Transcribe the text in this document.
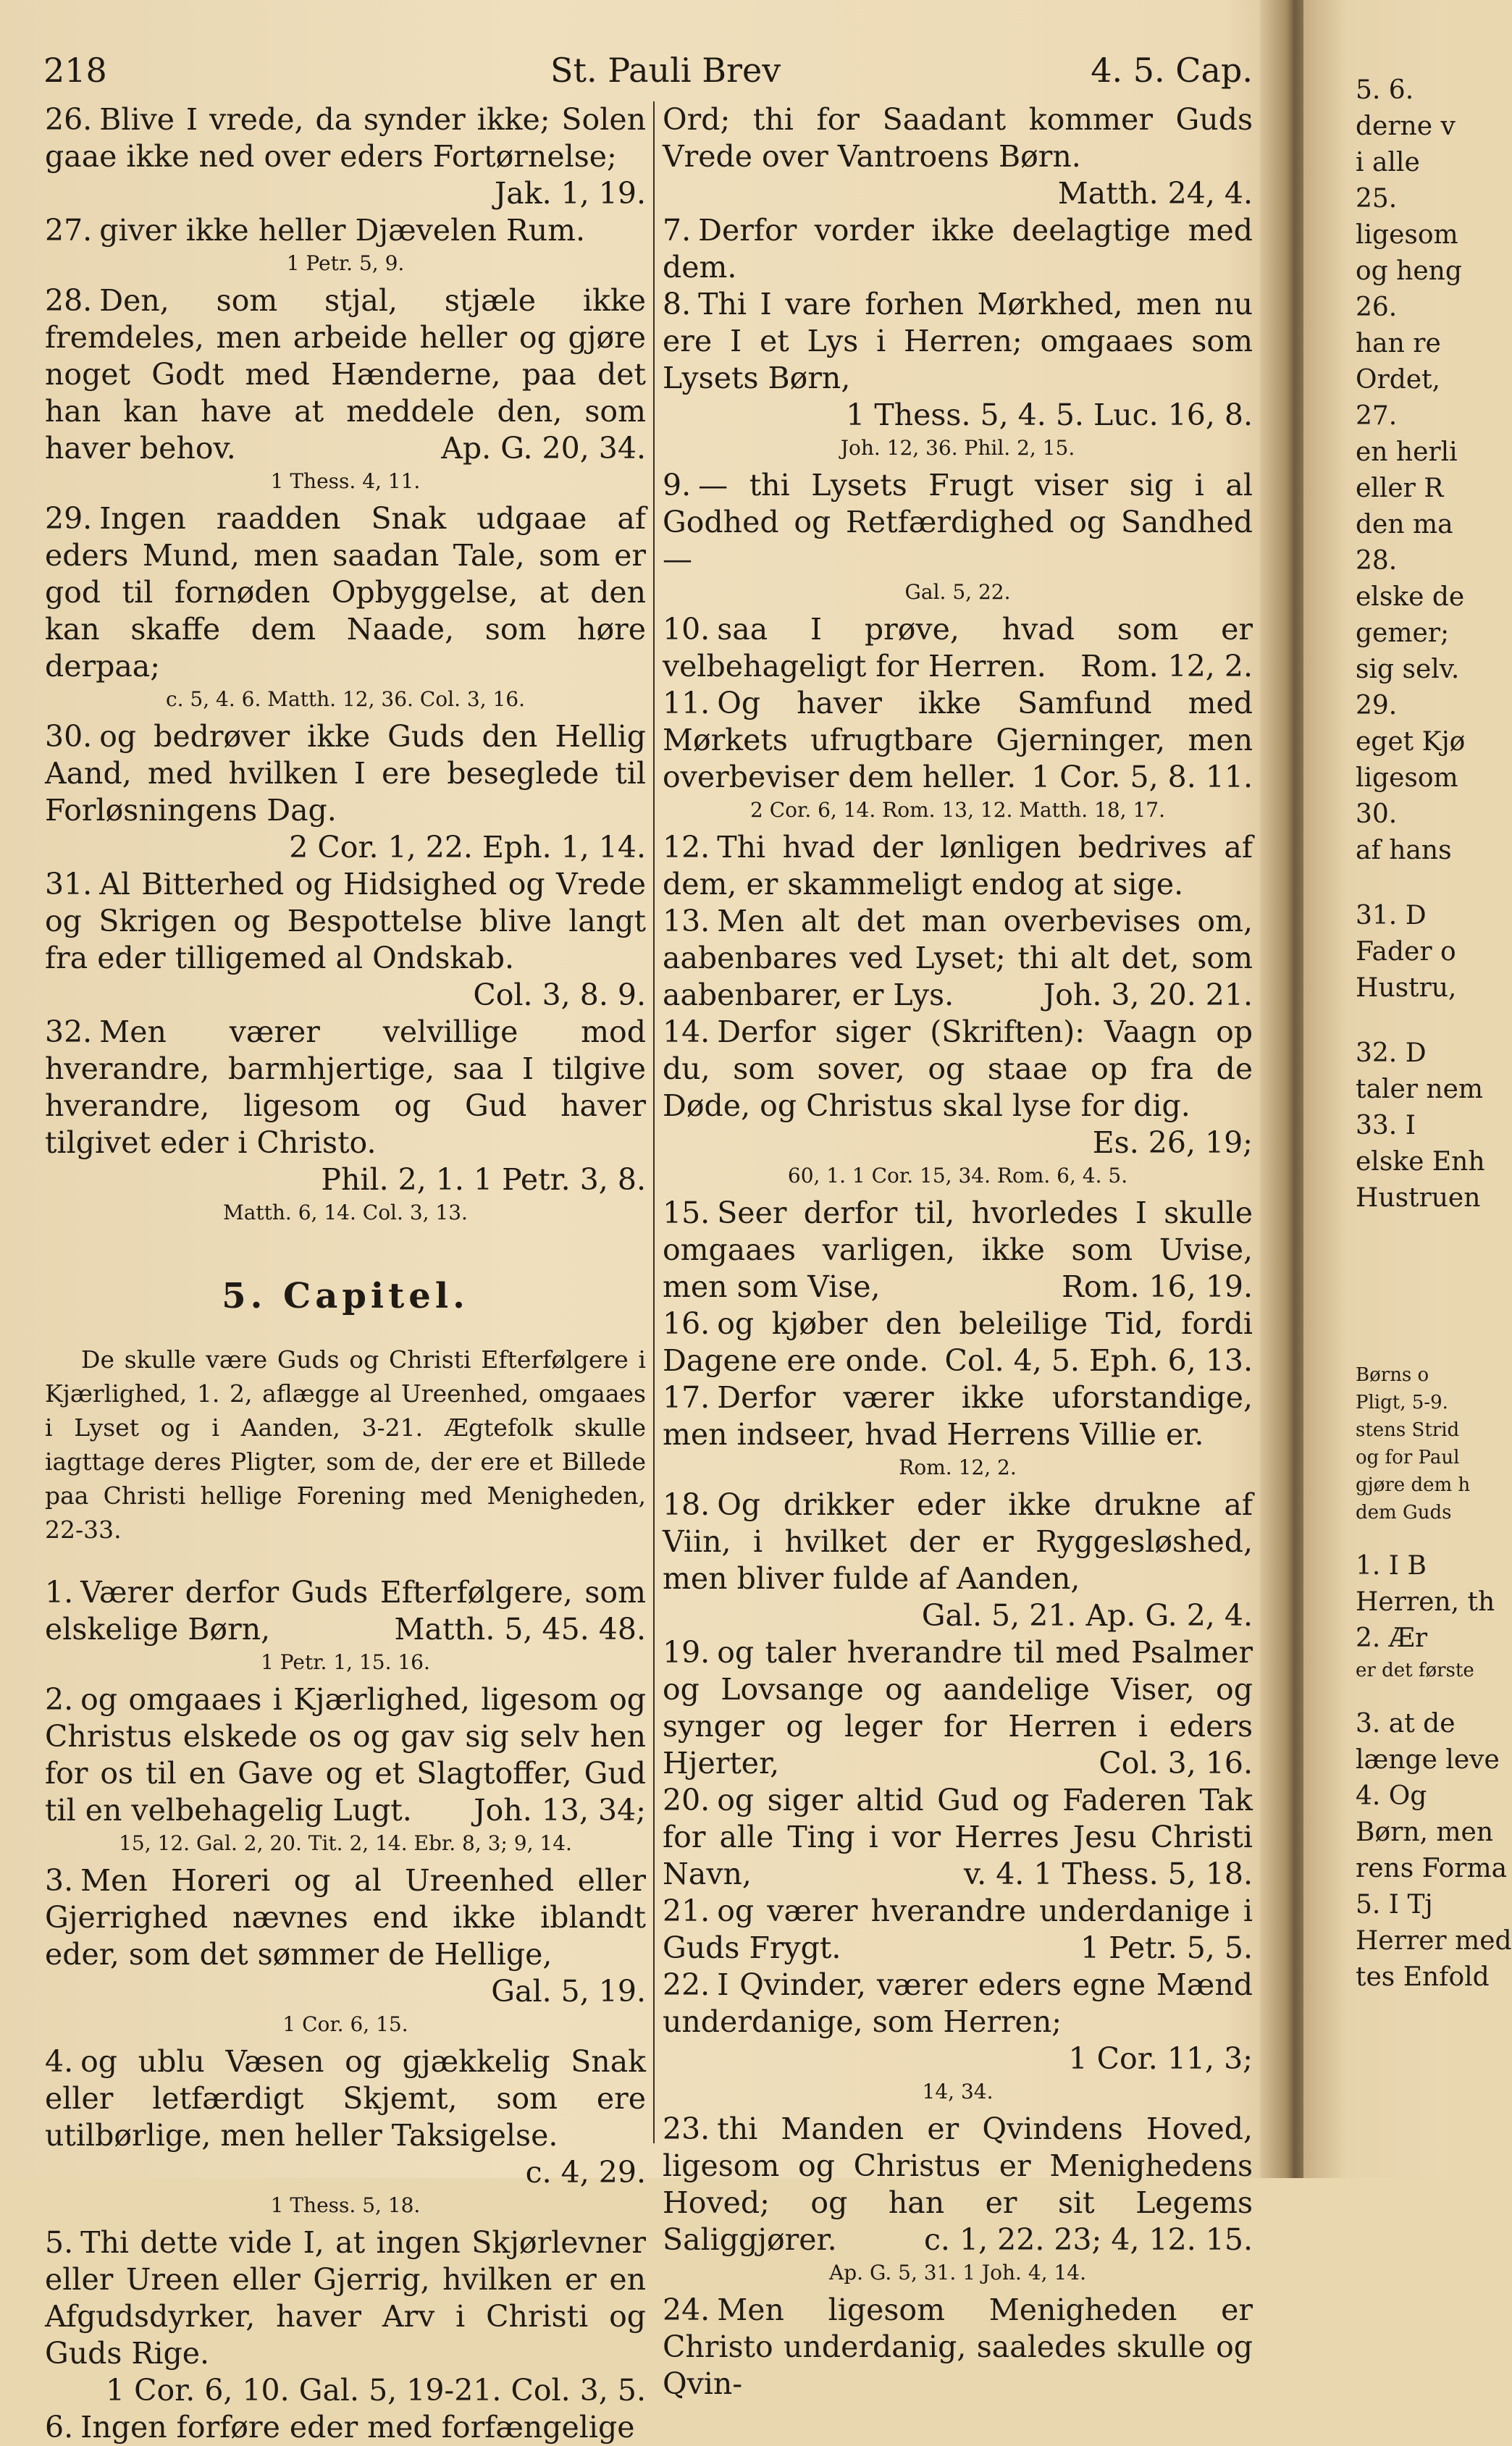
218	St. Pauli Brev	4. 5. Cap.

26. Blive I vrede, da synder ikke; Solen gaae ikke ned over eders Fortørnelse;
Jak. 1, 19.

27. giver ikke heller Djævelen Rum.

1 Petr. 5, 9.

28. Den, som stjal, stjæle ikke fremdeles, men arbeide heller og gjøre noget Godt med Hænderne, paa det han kan have at meddele den, som haver behov.	Ap. G. 20, 34.

1 Thess. 4, 11.

29. Ingen raadden Snak udgaae af eders Mund, men saadan Tale, som er god til fornøden Opbyggelse, at den kan skaffe dem Naade, som høre derpaa;

c. 5, 4. 6. Matth. 12, 36. Col. 3, 16.

30. og bedrøver ikke Guds den Hellig Aand, med hvilken I ere beseglede til Forløsningens Dag.
2 Cor. 1, 22. Eph. 1, 14.

31. Al Bitterhed og Hidsighed og Vrede og Skrigen og Bespottelse blive langt fra eder tilligemed al Ondskab.
Col. 3, 8. 9.

32. Men værer velvillige mod hverandre, barmhjertige, saa I tilgive hverandre, ligesom og Gud haver tilgivet eder i Christo.
Phil. 2, 1. 1 Petr. 3, 8.

Matth. 6, 14. Col. 3, 13.

5. Capitel.

De skulle være Guds og Christi Efterfølgere i Kjærlighed, 1. 2, aflægge al Ureenhed, omgaaes i Lyset og i Aanden, 3-21. Ægtefolk skulle iagttage deres Pligter, som de, der ere et Billede paa Christi hellige Forening med Menigheden, 22-33.

1. Værer derfor Guds Efterfølgere, som elskelige Børn,	Matth. 5, 45. 48.

1 Petr. 1, 15. 16.

2. og omgaaes i Kjærlighed, ligesom og Christus elskede os og gav sig selv hen for os til en Gave og et Slagtoffer, Gud til en velbehagelig Lugt. Joh. 13, 34;

15, 12. Gal. 2, 20. Tit. 2, 14. Ebr. 8, 3; 9, 14.

3. Men Horeri og al Ureenhed eller Gjerrighed nævnes end ikke iblandt eder, som det sømmer de Hellige,
Gal. 5, 19.

1 Cor. 6, 15.

4. og ublu Væsen og gjækkelig Snak eller letfærdigt Skjemt, som ere utilbørlige, men heller Taksigelse.
c. 4, 29.

1 Thess. 5, 18.

5. Thi dette vide I, at ingen Skjørlevner eller Ureen eller Gjerrig, hvilken er en Afgudsdyrker, haver Arv i Christi og Guds Rige.
1 Cor. 6, 10. Gal. 5, 19-21. Col. 3, 5.

6. Ingen forføre eder med forfængelige

Ord; thi for Saadant kommer Guds Vrede over Vantroens Børn.
Matth. 24, 4.

7. Derfor vorder ikke deelagtige med dem.

8. Thi I vare forhen Mørkhed, men nu ere I et Lys i Herren; omgaaes som Lysets Børn,
1 Thess. 5, 4. 5. Luc. 16, 8.

Joh. 12, 36. Phil. 2, 15.

9. — thi Lysets Frugt viser sig i al Godhed og Retfærdighed og Sandhed—

Gal. 5, 22.

10. saa I prøve, hvad som er velbehageligt for Herren. Rom. 12, 2.

11. Og haver ikke Samfund med Mørkets ufrugtbare Gjerninger, men overbeviser dem heller. 1 Cor. 5, 8. 11.

2 Cor. 6, 14. Rom. 13, 12. Matth. 18, 17.

12. Thi hvad der lønligen bedrives af dem, er skammeligt endog at sige.

13. Men alt det man overbevises om, aabenbares ved Lyset; thi alt det, som aabenbarer, er Lys.	Joh. 3, 20. 21.

14. Derfor siger (Skriften): Vaagn op du, som sover, og staae op fra de Døde, og Christus skal lyse for dig.
Es. 26, 19;

60, 1. 1 Cor. 15, 34. Rom. 6, 4. 5.

15. Seer derfor til, hvorledes I skulle omgaaes varligen, ikke som Uvise, men som Vise,	Rom. 16, 19.

16. og kjøber den beleilige Tid, fordi Dagene ere onde. Col. 4, 5. Eph. 6, 13.

17. Derfor værer ikke uforstandige, men indseer, hvad Herrens Villie er.

Rom. 12, 2.

18. Og drikker eder ikke drukne af Viin, i hvilket der er Ryggesløshed, men bliver fulde af Aanden,
Gal. 5, 21. Ap. G. 2, 4.

19. og taler hverandre til med Psalmer og Lovsange og aandelige Viser, og synger og leger for Herren i eders Hjerter,	Col. 3, 16.

20. og siger altid Gud og Faderen Tak for alle Ting i vor Herres Jesu Christi Navn,	v. 4. 1 Thess. 5, 18.

21. og værer hverandre underdanige i Guds Frygt.	1 Petr. 5, 5.

22. I Qvinder, værer eders egne Mænd underdanige, som Herren;
1 Cor. 11, 3;

14, 34.

23. thi Manden er Qvindens Hoved, ligesom og Christus er Menighedens Hoved; og han er sit Legems Saliggjører.	c. 1, 22. 23; 4, 12. 15.

Ap. G. 5, 31. 1 Joh. 4, 14.

24. Men ligesom Menigheden er Christo underdanig, saaledes skulle og Qvin-

5. 6.
derne v
i alle
25.
ligesom
og heng
26.
han re
Ordet,
27.
en herli
eller R
den ma
28.
elske de
gemer;
sig selv.
29.
eget Kjø
ligesom
30.
af hans
31. D
Fader o
Hustru,
32. D
taler nem
33. I
elske Enh
Hustruen
Børns o
Pligt, 5-9.
stens Strid
og for Paul
gjøre dem h
dem Guds
1. I B
Herren, th
2. Ær
er det første
3. at de
længe leve
4. Og
Børn, men
rens Forma
5. I Tj
Herrer med
tes Enfold
